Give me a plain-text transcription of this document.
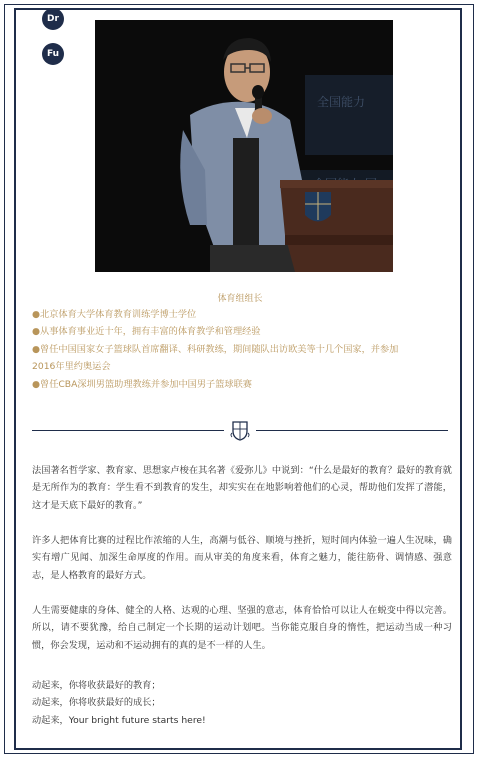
Dr
Fu
全国能力
体育组组长
●北京体育大学体育教育训练学博士学位
●从事体育事业近十年，拥有丰富的体育教学和管理经验
●曾任中国国家女子篮球队首席翻译、科研教练，期间随队出访欧美等十几个国家，并参加
2016年里约奥运会
●曾任CBA深圳男篮助理教练并参加中国男子篮球联赛
法国著名哲学家、教育家、思想家卢梭在其名著《爱弥儿》中说到：“什么是最好的教育？最好的教育就是无所作为的教育：学生看不到教育的发生，却实实在在地影响着他们的心灵，帮助他们发挥了潜能，这才是天底下最好的教育。”
许多人把体育比赛的过程比作浓缩的人生，高潮与低谷、顺境与挫折，短时间内体验一遍人生况味，确实有增广见闻、加深生命厚度的作用。而从审美的角度来看，体育之魅力，能往筋骨、调情感、强意志，是人格教育的最好方式。
人生需要健康的身体、健全的人格、达观的心理、坚强的意志，体育恰恰可以让人在蜕变中得以完善。所以，请不要犹豫，给自己制定一个长期的运动计划吧。当你能克服自身的惰性，把运动当成一种习惯，你会发现，运动和不运动拥有的真的是不一样的人生。
动起来，你将收获最好的教育；
动起来，你将收获最好的成长；
动起来，Your bright future starts here!
